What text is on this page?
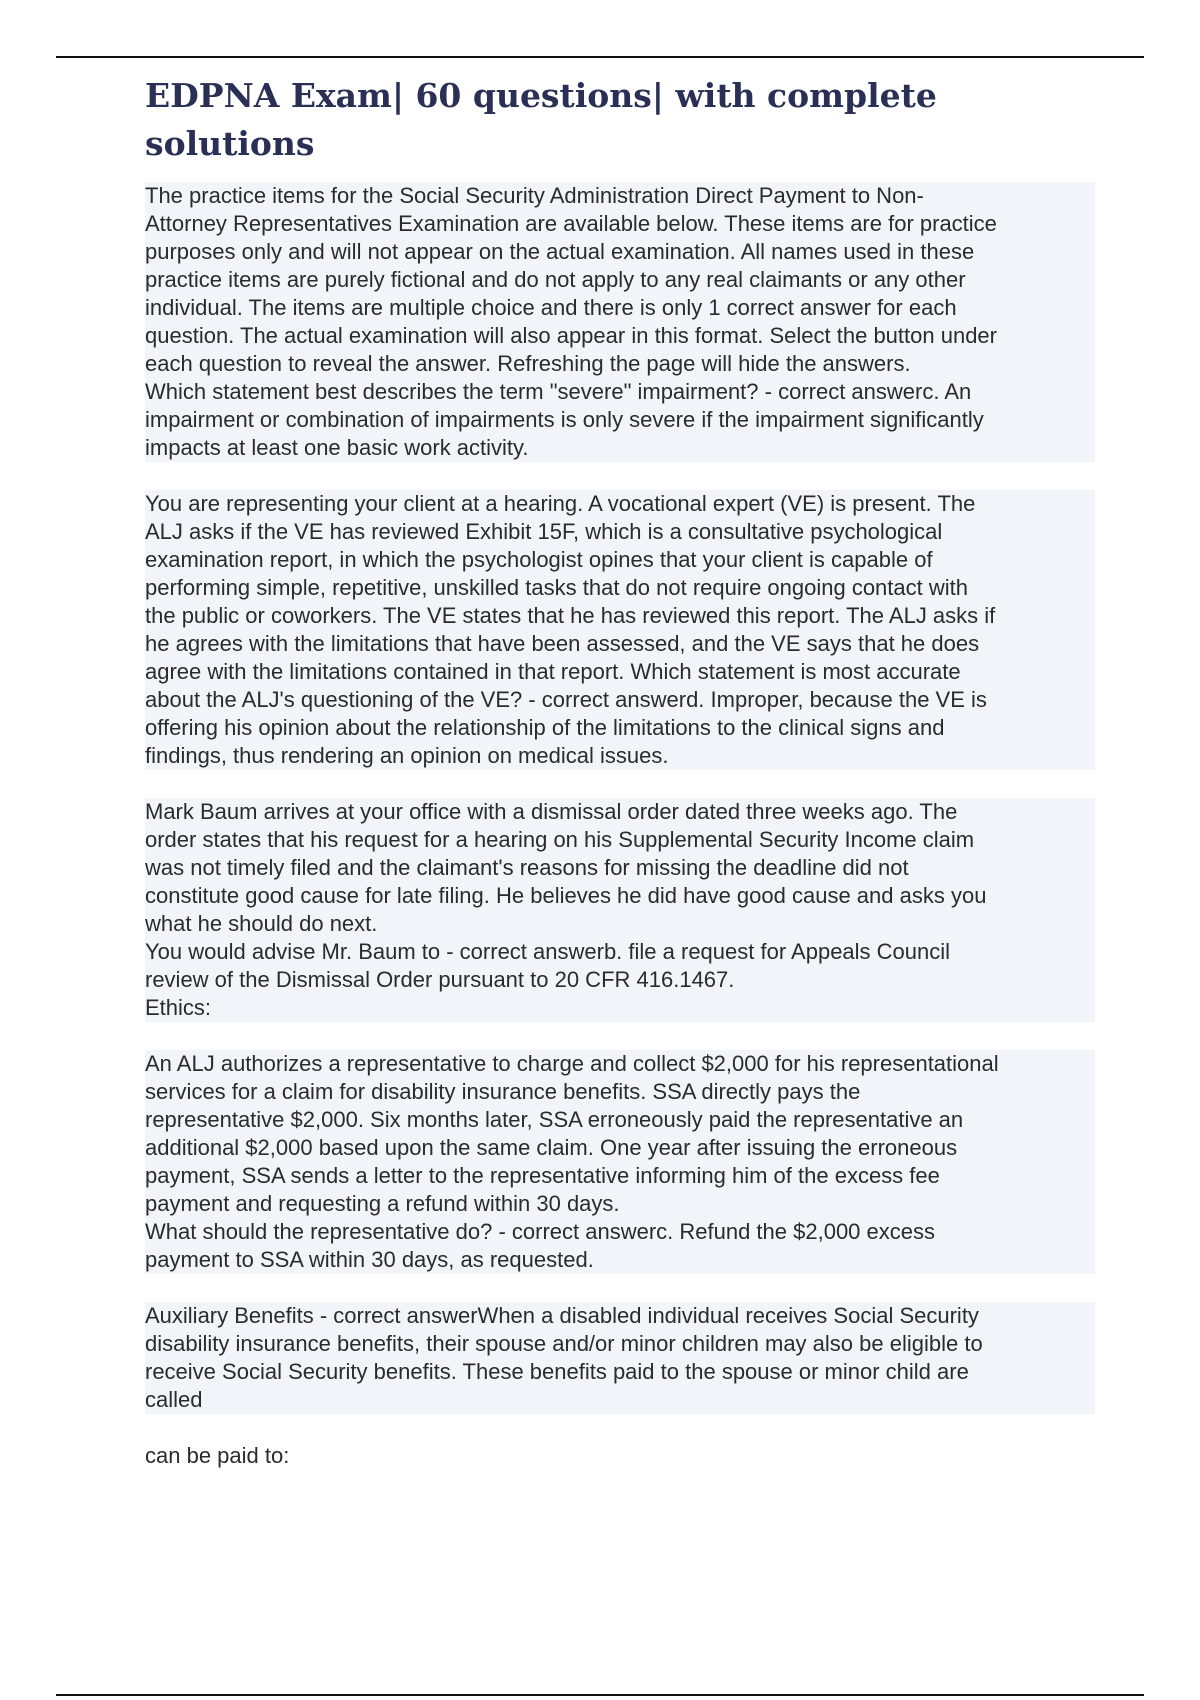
EDPNA Exam| 60 questions| with complete solutions
The practice items for the Social Security Administration Direct Payment to Non-
Attorney Representatives Examination are available below. These items are for practice
purposes only and will not appear on the actual examination. All names used in these
practice items are purely fictional and do not apply to any real claimants or any other
individual. The items are multiple choice and there is only 1 correct answer for each
question. The actual examination will also appear in this format. Select the button under
each question to reveal the answer. Refreshing the page will hide the answers.
Which statement best describes the term "severe" impairment? - correct answerc. An
impairment or combination of impairments is only severe if the impairment significantly
impacts at least one basic work activity.
You are representing your client at a hearing. A vocational expert (VE) is present. The
ALJ asks if the VE has reviewed Exhibit 15F, which is a consultative psychological
examination report, in which the psychologist opines that your client is capable of
performing simple, repetitive, unskilled tasks that do not require ongoing contact with
the public or coworkers. The VE states that he has reviewed this report. The ALJ asks if
he agrees with the limitations that have been assessed, and the VE says that he does
agree with the limitations contained in that report. Which statement is most accurate
about the ALJ's questioning of the VE? - correct answerd. Improper, because the VE is
offering his opinion about the relationship of the limitations to the clinical signs and
findings, thus rendering an opinion on medical issues.
Mark Baum arrives at your office with a dismissal order dated three weeks ago. The
order states that his request for a hearing on his Supplemental Security Income claim
was not timely filed and the claimant's reasons for missing the deadline did not
constitute good cause for late filing. He believes he did have good cause and asks you
what he should do next.
You would advise Mr. Baum to - correct answerb. file a request for Appeals Council
review of the Dismissal Order pursuant to 20 CFR 416.1467.
Ethics:
An ALJ authorizes a representative to charge and collect $2,000 for his representational
services for a claim for disability insurance benefits. SSA directly pays the
representative $2,000. Six months later, SSA erroneously paid the representative an
additional $2,000 based upon the same claim. One year after issuing the erroneous
payment, SSA sends a letter to the representative informing him of the excess fee
payment and requesting a refund within 30 days.
What should the representative do? - correct answerc. Refund the $2,000 excess
payment to SSA within 30 days, as requested.
Auxiliary Benefits - correct answerWhen a disabled individual receives Social Security
disability insurance benefits, their spouse and/or minor children may also be eligible to
receive Social Security benefits. These benefits paid to the spouse or minor child are
called
can be paid to:
